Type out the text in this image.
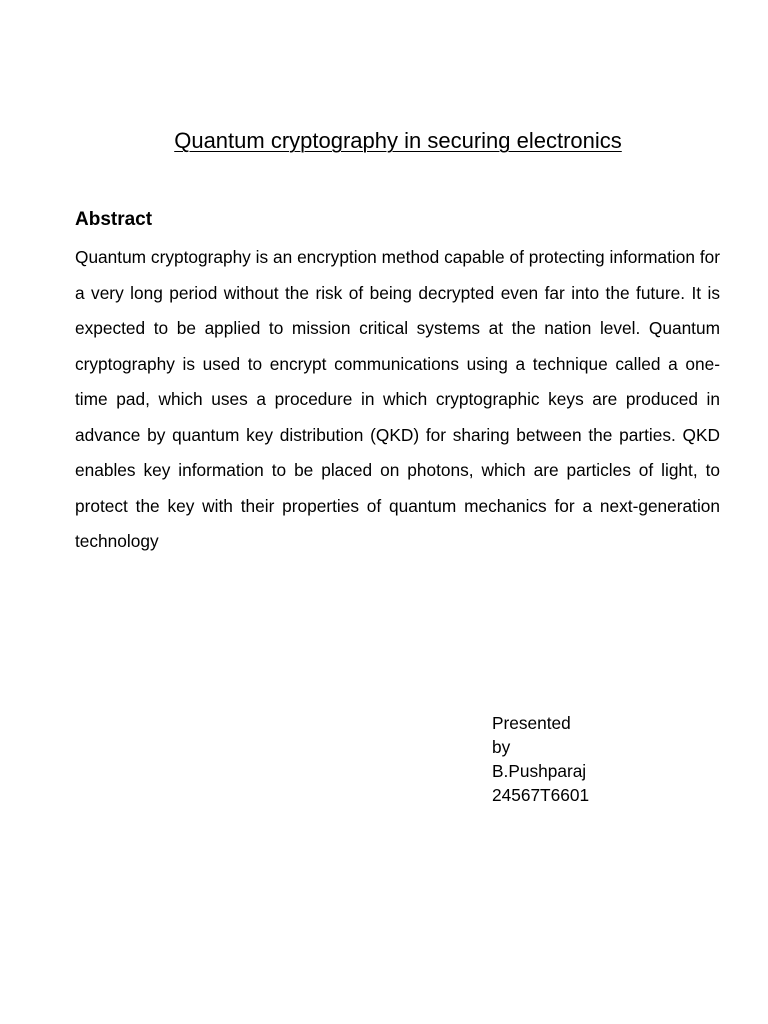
Quantum cryptography in securing electronics
Abstract

Quantum cryptography is an encryption method capable of protecting information for a very long period without the risk of being decrypted even far into the future. It is expected to be applied to mission critical systems at the nation level. Quantum cryptography is used to encrypt communications using a technique called a one-time pad, which uses a procedure in which cryptographic keys are produced in advance by quantum key distribution (QKD) for sharing between the parties. QKD enables key information to be placed on photons, which are particles of light, to protect the key with their properties of quantum mechanics for a next-generation technology

Presented
by
B.Pushparaj
24567T6601
